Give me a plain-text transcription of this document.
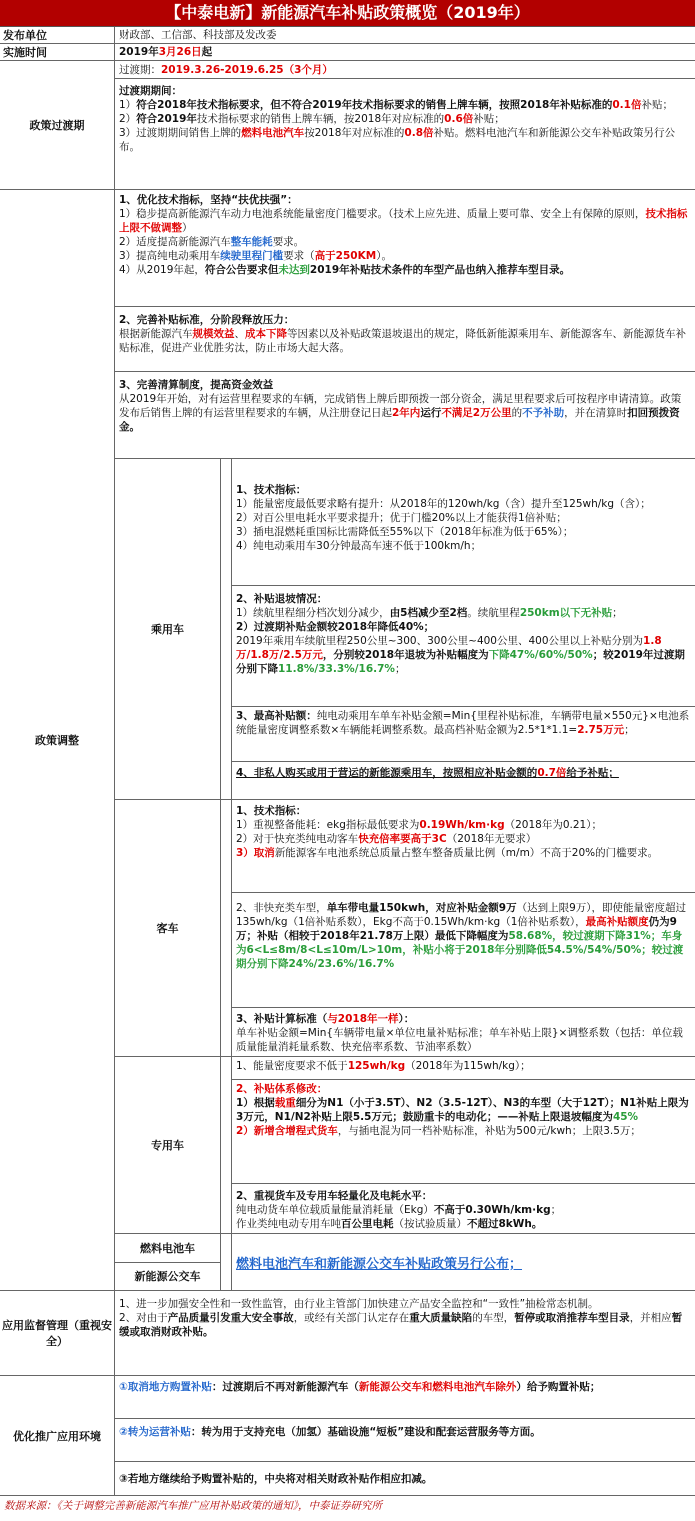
【中泰电新】新能源汽车补贴政策概览（2019年）
发布单位	财政部、工信部、科技部及发改委
实施时间	2019年3月26日起
政策过渡期
过渡期：2019.3.26-2019.6.25（3个月）
过渡期期间：
1）符合2018年技术指标要求，但不符合2019年技术指标要求的销售上牌车辆，按照2018年补贴标准的0.1倍补贴；
2）符合2019年技术指标要求的销售上牌车辆，按2018年对应标准的0.6倍补贴；
3）过渡期期间销售上牌的燃料电池汽车按2018年对应标准的0.8倍补贴。燃料电池汽车和新能源公交车补贴政策另行公布。
政策调整
1、优化技术指标，坚持“扶优扶强”：
1）稳步提高新能源汽车动力电池系统能量密度门槛要求。（技术上应先进、质量上要可靠、安全上有保障的原则，技术指标上限不做调整）
2）适度提高新能源汽车整车能耗要求。
3）提高纯电动乘用车续驶里程门槛要求（高于250KM）。
4）从2019年起，符合公告要求但未达到2019年补贴技术条件的车型产品也纳入推荐车型目录。
2、完善补贴标准，分阶段释放压力：
根据新能源汽车规模效益、成本下降等因素以及补贴政策退坡退出的规定，降低新能源乘用车、新能源客车、新能源货车补贴标准，促进产业优胜劣汰，防止市场大起大落。
3、完善清算制度，提高资金效益
从2019年开始，对有运营里程要求的车辆，完成销售上牌后即预拨一部分资金，满足里程要求后可按程序申请清算。政策发布后销售上牌的有运营里程要求的车辆，从注册登记日起2年内运行不满足2万公里的不予补助，并在清算时扣回预拨资金。
乘用车
1、技术指标：
1）能量密度最低要求略有提升：从2018年的120wh/kg（含）提升至125wh/kg（含）；
2）对百公里电耗水平要求提升；优于门槛20%以上才能获得1倍补贴；
3）插电混燃耗重国标比需降低至55%以下（2018年标准为低于65%）；
4）纯电动乘用车30分钟最高车速不低于100km/h；
2、补贴退坡情况：
1）续航里程细分档次划分减少，由5档减少至2档。续航里程250km以下无补贴；
2）过渡期补贴金额较2018年降低40%；
2019年乘用车续航里程250公里~300、300公里~400公里、400公里以上补贴分别为1.8万/1.8万/2.5万元，分别较2018年退坡为补贴幅度为下降47%/60%/50%；较2019年过渡期分别下降11.8%/33.3%/16.7%；
3、最高补贴额：纯电动乘用车单车补贴金额=Min{里程补贴标准，车辆带电量×550元}×电池系统能量密度调整系数×车辆能耗调整系数。最高档补贴金额为2.5*1*1.1=2.75万元；
4、非私人购买或用于营运的新能源乘用车，按照相应补贴金额的0.7倍给予补贴；
客车
1、技术指标：
1）重视整备能耗：ekg指标最低要求为0.19Wh/km·kg（2018年为0.21）；
2）对于快充类纯电动客车快充倍率要高于3C（2018年无要求）
3）取消新能源客车电池系统总质量占整车整备质量比例（m/m）不高于20%的门槛要求。
2、非快充类车型，单车带电量150kwh，对应补贴金额9万（达到上限9万），即使能量密度超过135wh/kg（1倍补贴系数），Ekg不高于0.15Wh/km·kg（1倍补贴系数），最高补贴额度仍为9万；补贴（相较于2018年21.78万上限）最低下降幅度为58.68%，较过渡期下降31%；车身为6<L≤8m/8<L≤10m/L>10m，补贴小将于2018年分别降低54.5%/54%/50%；较过渡期分别下降24%/23.6%/16.7%
3、补贴计算标准（与2018年一样）：
单车补贴金额=Min{车辆带电量×单位电量补贴标准；单车补贴上限}×调整系数（包括：单位载质量能量消耗量系数、快充倍率系数、节油率系数）
专用车
1、能量密度要求不低于125wh/kg（2018年为115wh/kg）；
2、补贴体系修改：
1）根据载重细分为N1（小于3.5T）、N2（3.5-12T）、N3的车型（大于12T）；N1补贴上限为3万元，N1/N2补贴上限5.5万元；鼓励重卡的电动化；——补贴上限退坡幅度为45%
2）新增含增程式货车，与插电混为同一档补贴标准，补贴为500元/kwh；上限3.5万；
2、重视货车及专用车轻量化及电耗水平：
纯电动货车单位载质量能量消耗量（Ekg）不高于0.30Wh/km·kg；
作业类纯电动专用车吨百公里电耗（按试验质量）不超过8kWh。
燃料电池车
新能源公交车
燃料电池汽车和新能源公交车补贴政策另行公布；
应用监督管理（重视安全）
1、进一步加强安全性和一致性监管，由行业主管部门加快建立产品安全监控和“一致性”抽检常态机制。
2、对由于产品质量引发重大安全事故，或经有关部门认定存在重大质量缺陷的车型，暂停或取消推荐车型目录，并相应暂缓或取消财政补贴。
优化推广应用环境
①取消地方购置补贴：过渡期后不再对新能源汽车（新能源公交车和燃料电池汽车除外）给予购置补贴；
②转为运营补贴：转为用于支持充电（加氢）基础设施“短板”建设和配套运营服务等方面。
③若地方继续给予购置补贴的，中央将对相关财政补贴作相应扣减。
数据来源：《关于调整完善新能源汽车推广应用补贴政策的通知》，中泰证券研究所
